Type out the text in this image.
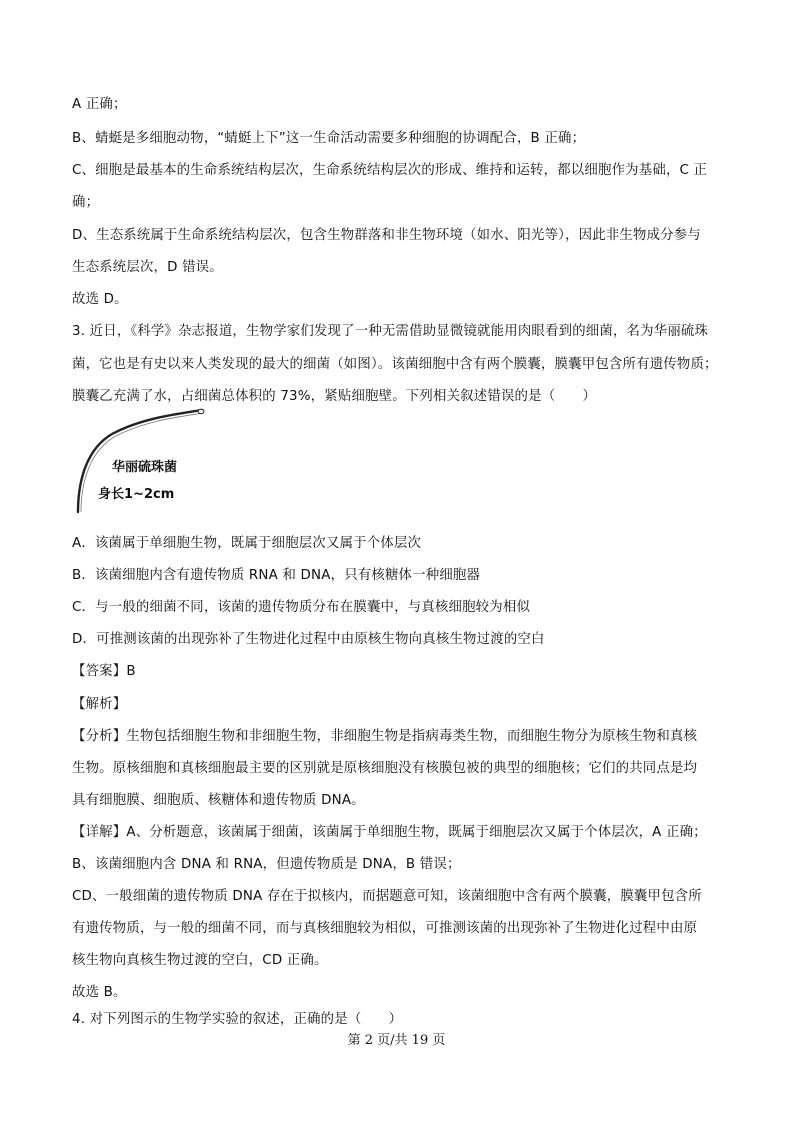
A 正确；
B、蜻蜓是多细胞动物，“蜻蜓上下”这一生命活动需要多种细胞的协调配合，B 正确；
C、细胞是最基本的生命系统结构层次，生命系统结构层次的形成、维持和运转，都以细胞作为基础，C 正
确；
D、生态系统属于生命系统结构层次，包含生物群落和非生物环境（如水、阳光等），因此非生物成分参与
生态系统层次，D 错误。
故选 D。
3. 近日，《科学》杂志报道，生物学家们发现了一种无需借助显微镜就能用肉眼看到的细菌，名为华丽硫珠
菌，它也是有史以来人类发现的最大的细菌（如图）。该菌细胞中含有两个膜囊，膜囊甲包含所有遗传物质；
膜囊乙充满了水，占细菌总体积的 73%，紧贴细胞壁。下列相关叙述错误的是（　　）
华丽硫珠菌
身长1~2cm
A．该菌属于单细胞生物，既属于细胞层次又属于个体层次
B．该菌细胞内含有遗传物质 RNA 和 DNA，只有核糖体一种细胞器
C．与一般的细菌不同，该菌的遗传物质分布在膜囊中，与真核细胞较为相似
D．可推测该菌的出现弥补了生物进化过程中由原核生物向真核生物过渡的空白
【答案】B
【解析】
【分析】生物包括细胞生物和非细胞生物，非细胞生物是指病毒类生物，而细胞生物分为原核生物和真核
生物。原核细胞和真核细胞最主要的区别就是原核细胞没有核膜包被的典型的细胞核；它们的共同点是均
具有细胞膜、细胞质、核糖体和遗传物质 DNA。
【详解】A、分析题意，该菌属于细菌，该菌属于单细胞生物，既属于细胞层次又属于个体层次，A 正确；
B、该菌细胞内含 DNA 和 RNA，但遗传物质是 DNA，B 错误；
CD、一般细菌的遗传物质 DNA 存在于拟核内，而据题意可知，该菌细胞中含有两个膜囊，膜囊甲包含所
有遗传物质，与一般的细菌不同，而与真核细胞较为相似，可推测该菌的出现弥补了生物进化过程中由原
核生物向真核生物过渡的空白，CD 正确。
故选 B。
4. 对下列图示的生物学实验的叙述，正确的是（　　）
第 2 页/共 19 页
